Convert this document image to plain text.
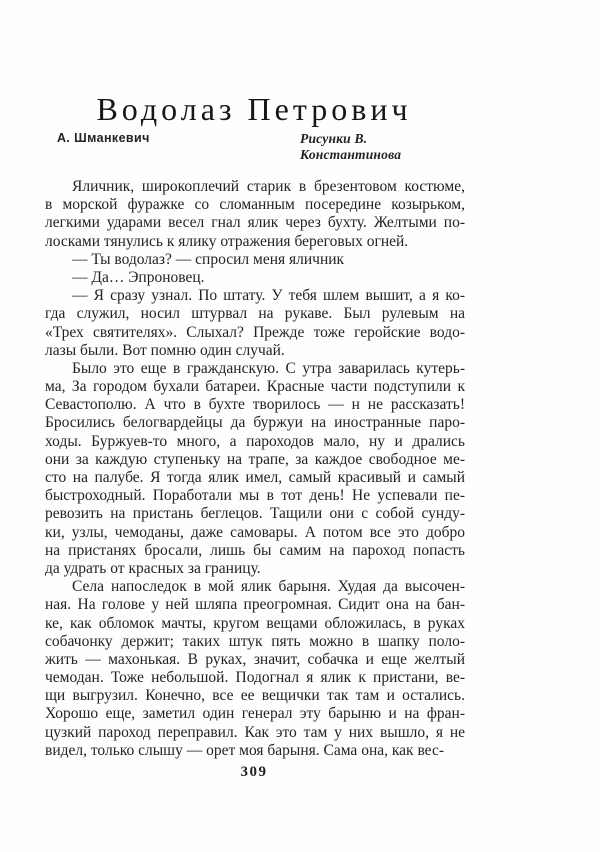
Водолаз Петрович
А. Шманкевич	Рисунки В. Константинова
Яличник, широкоплечий старик в брезентовом костюме,
в морской фуражке со сломанным посередине козырьком,
легкими ударами весел гнал ялик через бухту. Желтыми по-
лосками тянулись к ялику отражения береговых огней.
— Ты водолаз? — спросил меня яличник
— Да… Эпроновец.
— Я сразу узнал. По штату. У тебя шлем вышит, а я ко-
гда служил, носил штурвал на рукаве. Был рулевым на
«Трех святителях». Слыхал? Прежде тоже геройские водо-
лазы были. Вот помню один случай.
Было это еще в гражданскую. С утра заварилась кутерь-
ма, За городом бухали батареи. Красные части подступили к
Севастополю. А что в бухте творилось — н не рассказать!
Бросились белогвардейцы да буржуи на иностранные паро-
ходы. Буржуев-то много, а пароходов мало, ну и дрались
они за каждую ступеньку на трапе, за каждое свободное ме-
сто на палубе. Я тогда ялик имел, самый красивый и самый
быстроходный. Поработали мы в тот день! Не успевали пе-
ревозить на пристань беглецов. Тащили они с собой сунду-
ки, узлы, чемоданы, даже самовары. А потом все это добро
на пристанях бросали, лишь бы самим на пароход попасть
да удрать от красных за границу.
Села напоследок в мой ялик барыня. Худая да высочен-
ная. На голове у ней шляпа преогромная. Сидит она на бан-
ке, как обломок мачты, кругом вещами обложилась, в руках
собачонку держит; таких штук пять можно в шапку поло-
жить — махонькая. В руках, значит, собачка и еще желтый
чемодан. Тоже небольшой. Подогнал я ялик к пристани, ве-
щи выгрузил. Конечно, все ее вещички так там и остались.
Хорошо еще, заметил один генерал эту барыню и на фран-
цузкий пароход переправил. Как это там у них вышло, я не
видел, только слышу — орет моя барыня. Сама она, как вес-
309
